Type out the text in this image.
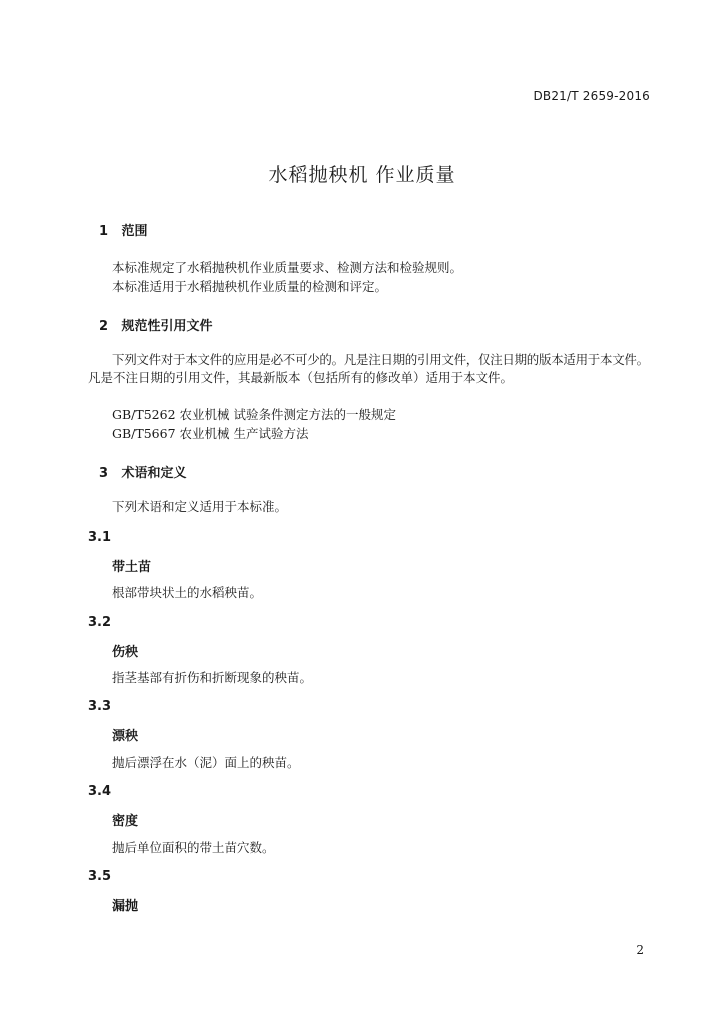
DB21/T 2659-2016
水稻抛秧机 作业质量
1 范围
本标准规定了水稻抛秧机作业质量要求、检测方法和检验规则。
本标准适用于水稻抛秧机作业质量的检测和评定。
2 规范性引用文件
下列文件对于本文件的应用是必不可少的。凡是注日期的引用文件，仅注日期的版本适用于本文件。
凡是不注日期的引用文件，其最新版本（包括所有的修改单）适用于本文件。
GB/T5262 农业机械 试验条件测定方法的一般规定
GB/T5667 农业机械 生产试验方法
3 术语和定义
下列术语和定义适用于本标准。
3.1
带土苗
根部带块状土的水稻秧苗。
3.2
伤秧
指茎基部有折伤和折断现象的秧苗。
3.3
漂秧
抛后漂浮在水（泥）面上的秧苗。
3.4
密度
抛后单位面积的带土苗穴数。
3.5
漏抛
2
